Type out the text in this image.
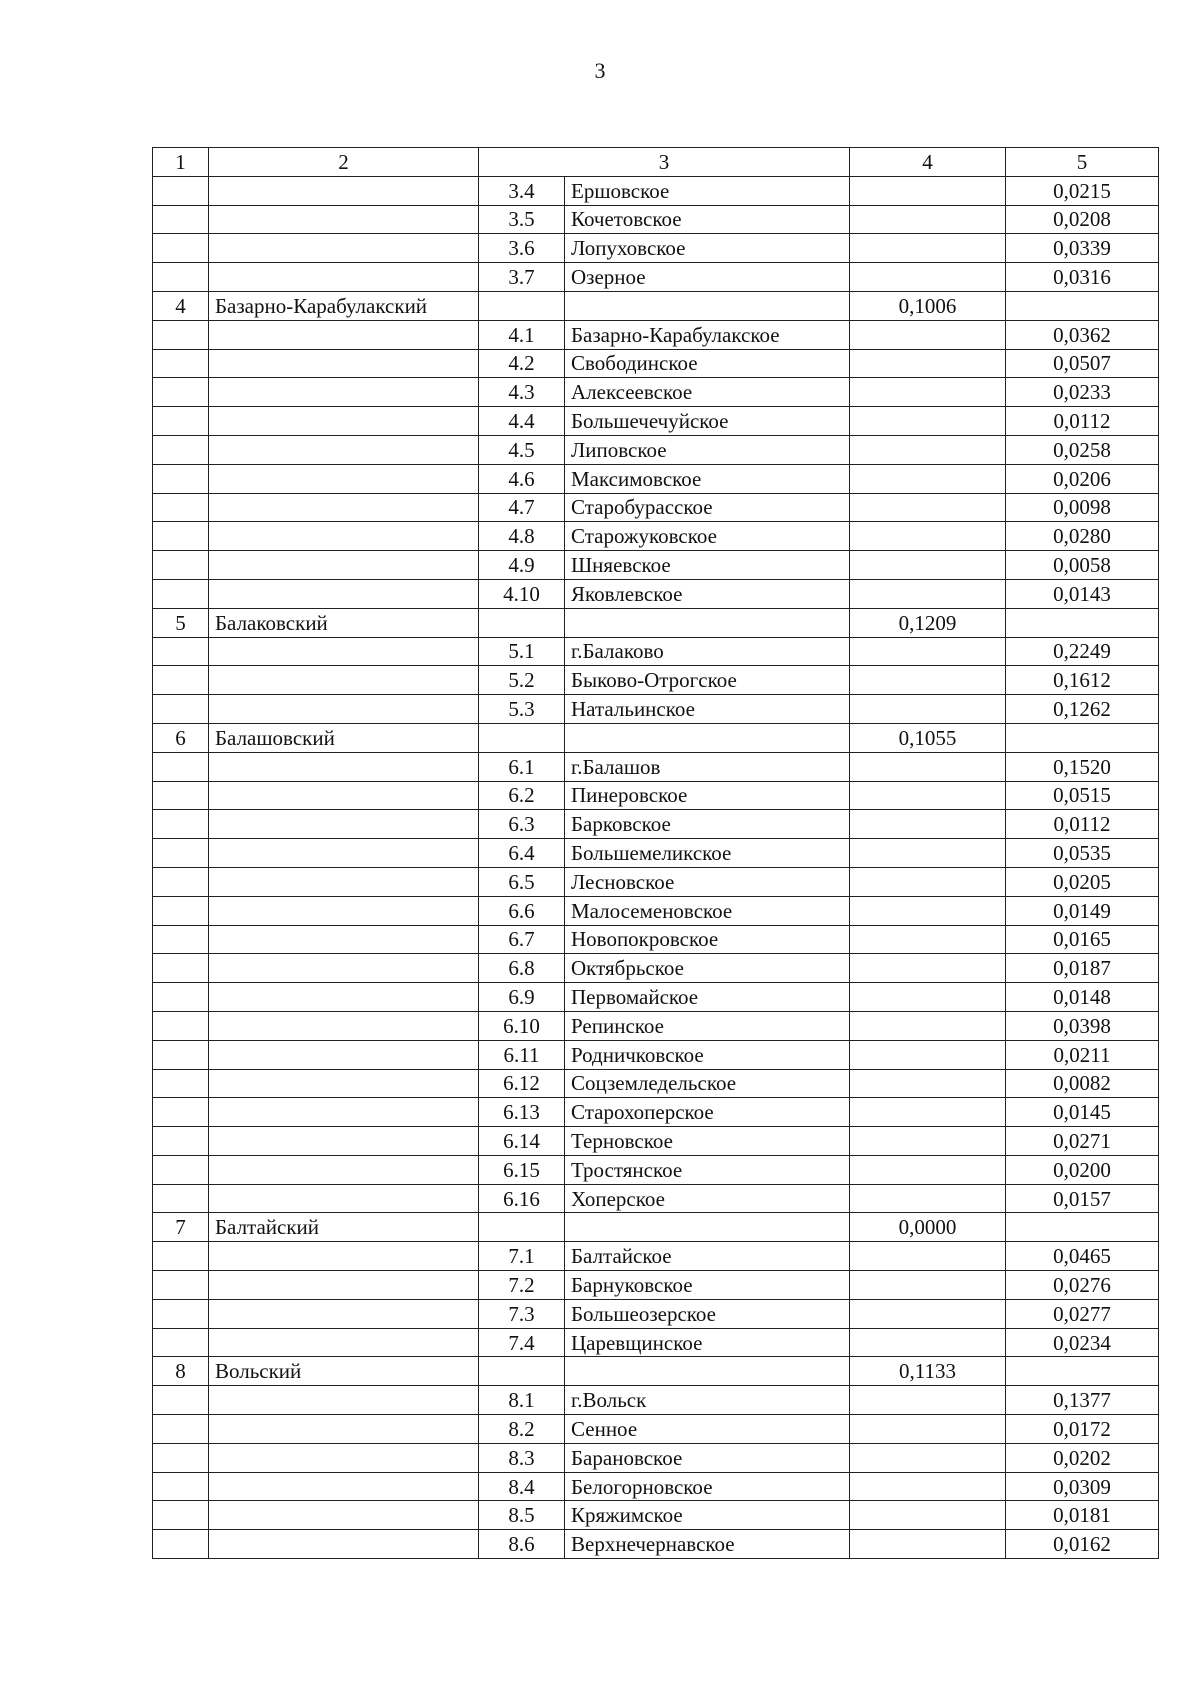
3
1	2	3		4	5
		3.4	Ершовское		0,0215
		3.5	Кочетовское		0,0208
		3.6	Лопуховское		0,0339
		3.7	Озерное		0,0316
4	Базарно-Карабулакский			0,1006	
		4.1	Базарно-Карабулакское		0,0362
		4.2	Свободинское		0,0507
		4.3	Алексеевское		0,0233
		4.4	Большечечуйское		0,0112
		4.5	Липовское		0,0258
		4.6	Максимовское		0,0206
		4.7	Старобурасское		0,0098
		4.8	Старожуковское		0,0280
		4.9	Шняевское		0,0058
		4.10	Яковлевское		0,0143
5	Балаковский			0,1209	
		5.1	г.Балаково		0,2249
		5.2	Быково-Отрогское		0,1612
		5.3	Натальинское		0,1262
6	Балашовский			0,1055	
		6.1	г.Балашов		0,1520
		6.2	Пинеровское		0,0515
		6.3	Барковское		0,0112
		6.4	Большемеликское		0,0535
		6.5	Лесновское		0,0205
		6.6	Малосеменовское		0,0149
		6.7	Новопокровское		0,0165
		6.8	Октябрьское		0,0187
		6.9	Первомайское		0,0148
		6.10	Репинское		0,0398
		6.11	Родничковское		0,0211
		6.12	Соцземледельское		0,0082
		6.13	Старохоперское		0,0145
		6.14	Терновское		0,0271
		6.15	Тростянское		0,0200
		6.16	Хоперское		0,0157
7	Балтайский			0,0000	
		7.1	Балтайское		0,0465
		7.2	Барнуковское		0,0276
		7.3	Большеозерское		0,0277
		7.4	Царевщинское		0,0234
8	Вольский			0,1133	
		8.1	г.Вольск		0,1377
		8.2	Сенное		0,0172
		8.3	Барановское		0,0202
		8.4	Белогорновское		0,0309
		8.5	Кряжимское		0,0181
		8.6	Верхнечернавское		0,0162
